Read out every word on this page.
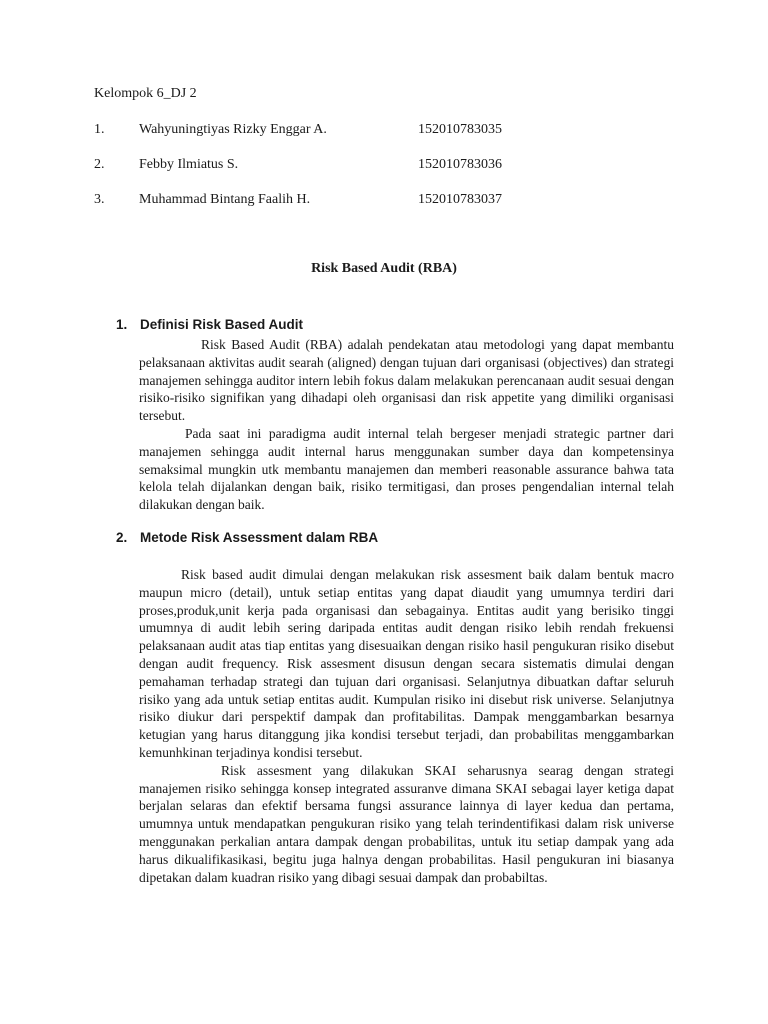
Kelompok 6_DJ 2
1. Wahyuningtiyas Rizky Enggar A.	152010783035
2. Febby Ilmiatus S.	152010783036
3. Muhammad Bintang Faalih H.	152010783037
Risk Based Audit (RBA)
1. Definisi Risk Based Audit

Risk Based Audit (RBA) adalah pendekatan atau metodologi yang dapat membantu pelaksanaan aktivitas audit searah (aligned) dengan tujuan dari organisasi (objectives) dan strategi manajemen sehingga auditor intern lebih fokus dalam melakukan perencanaan audit sesuai dengan risiko-risiko signifikan yang dihadapi oleh organisasi dan risk appetite yang dimiliki organisasi tersebut.

Pada saat ini paradigma audit internal telah bergeser menjadi strategic partner dari manajemen sehingga audit internal harus menggunakan sumber daya dan kompetensinya semaksimal mungkin utk membantu manajemen dan memberi reasonable assurance bahwa tata kelola telah dijalankan dengan baik, risiko termitigasi, dan proses pengendalian internal telah dilakukan dengan baik.

2. Metode Risk Assessment dalam RBA

Risk based audit dimulai dengan melakukan risk assesment baik dalam bentuk macro maupun micro (detail), untuk setiap entitas yang dapat diaudit yang umumnya terdiri dari proses,produk,unit kerja pada organisasi dan sebagainya. Entitas audit yang berisiko tinggi umumnya di audit lebih sering daripada entitas audit dengan risiko lebih rendah frekuensi pelaksanaan audit atas tiap entitas yang disesuaikan dengan risiko hasil pengukuran risiko disebut dengan audit frequency. Risk assesment disusun dengan secara sistematis dimulai dengan pemahaman terhadap strategi dan tujuan dari organisasi. Selanjutnya dibuatkan daftar seluruh risiko yang ada untuk setiap entitas audit. Kumpulan risiko ini disebut risk universe. Selanjutnya risiko diukur dari perspektif dampak dan profitabilitas. Dampak menggambarkan besarnya ketugian yang harus ditanggung jika kondisi tersebut terjadi, dan probabilitas menggambarkan kemunhkinan terjadinya kondisi tersebut.

Risk assesment yang dilakukan SKAI seharusnya searag dengan strategi manajemen risiko sehingga konsep integrated assuranve dimana SKAI sebagai layer ketiga dapat berjalan selaras dan efektif bersama fungsi assurance lainnya di layer kedua dan pertama, umumnya untuk mendapatkan pengukuran risiko yang telah terindentifikasi dalam risk universe menggunakan perkalian antara dampak dengan probabilitas, untuk itu setiap dampak yang ada harus dikualifikasikasi, begitu juga halnya dengan probabilitas. Hasil pengukuran ini biasanya dipetakan dalam kuadran risiko yang dibagi sesuai dampak dan probabiltas.
